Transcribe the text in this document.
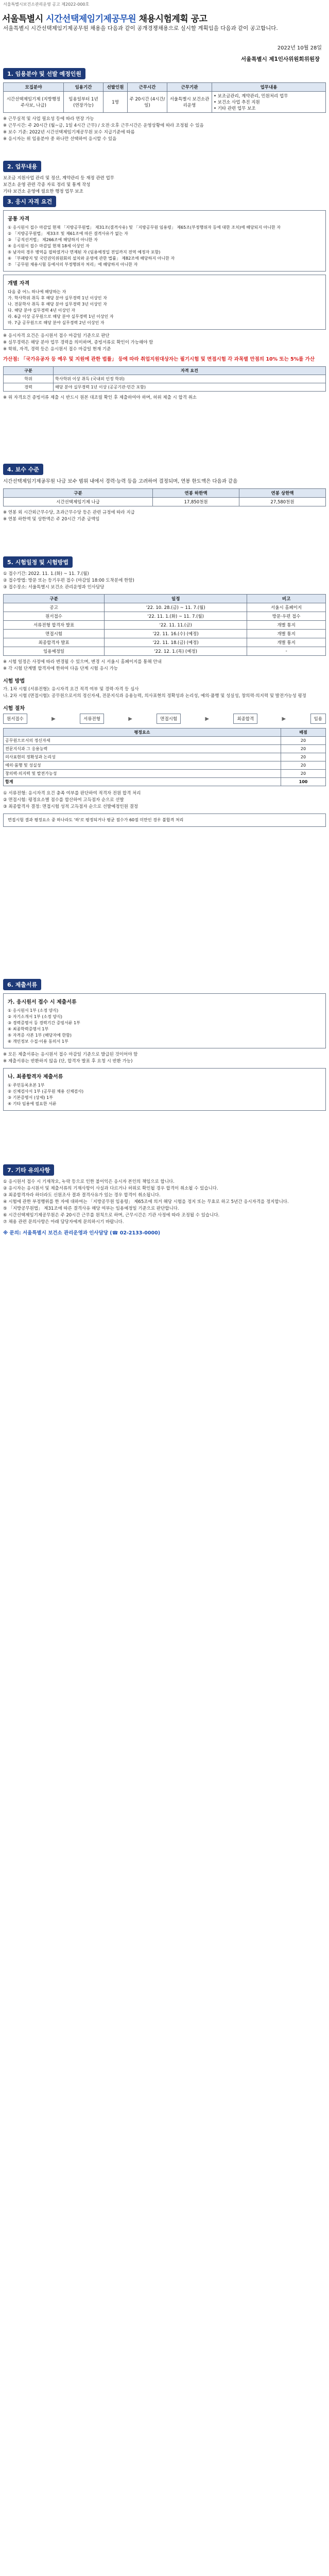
서울특별시보건소관리운영 공고 제2022-000호
서울특별시 시간선택제임기제공무원 채용시험계획 공고
서울특별시 시간선택제임기제공무원 채용을 다음과 같이 공개경쟁채용으로 실시할 계획임을 다음과 같이 공고합니다.
2022년 10월 28일
서울특별시 제1인사위원회위원장
1. 임용분야 및 선발 예정인원
모집분야	임용기간	선발인원	근무시간	근무기관	업무내용
시간선택제임기제 (지방행정주사보, 나급)	임용일부터 1년 (연장가능)	1명	주 20시간 (4시간/일)	서울특별시 보건소관리운영	• 보조금관리, 계약관리, 민원처리 업무
• 보건소 사업 추진 지원
• 기타 관련 업무 보조
※ 근무실적 및 사업 필요성 등에 따라 연장 가능
※ 근무시간: 주 20시간 (월~금, 1일 4시간 근무) / 오전·오후 근무시간은 운영상황에 따라 조정될 수 있음
※ 보수 기준: 2022년 시간선택제임기제공무원 보수 지급기준에 따름
※ 응시자는 위 임용분야 중 하나만 선택하여 응시할 수 있음
2. 업무내용
보조금 지원사업 관리 및 정산, 계약관리 등 재정 관련 업무
보건소 운영 관련 각종 자료 정리 및 통계 작성
기타 보건소 운영에 필요한 행정 업무 보조
3. 응시 자격 요건
공통 자격
① 응시원서 접수 마감일 현재 「지방공무원법」 제31조(결격사유) 및 「지방공무원 임용령」 제65조(부정행위자 등에 대한 조치)에 해당되지 아니한 자
② 「지방공무원법」 제33조 및 제61조에 따른 결격사유가 없는 자
③ 「공직선거법」 제266조에 해당하지 아니한 자
④ 응시원서 접수 마감일 현재 18세 이상인 자
⑤ 남자의 경우 병역을 필하였거나 면제된 자 (임용예정일 전일까지 전역 예정자 포함)
⑥ 「부패방지 및 국민권익위원회의 설치와 운영에 관한 법률」 제82조에 해당하지 아니한 자
⑦ 「공무원 채용시험 등에서의 부정행위자 처리」에 해당하지 아니한 자
개별 자격
다음 중 어느 하나에 해당하는 자
가. 학사학위 취득 후 해당 분야 실무경력 1년 이상인 자
나. 전문학사 취득 후 해당 분야 실무경력 3년 이상인 자
다. 해당 분야 실무경력 4년 이상인 자
라. 6급 이상 공무원으로 해당 분야 실무경력 1년 이상인 자
마. 7급 공무원으로 해당 분야 실무경력 2년 이상인 자
※ 응시자격 요건은 응시원서 접수 마감일 기준으로 판단
※ 실무경력은 해당 분야 업무 경력을 의미하며, 증빙서류로 확인이 가능해야 함
※ 학위, 자격, 경력 등은 응시원서 접수 마감일 현재 기준
가산점: 「국가유공자 등 예우 및 지원에 관한 법률」 등에 따라 취업지원대상자는 필기시험 및 면접시험 각 과목별 만점의 10% 또는 5%를 가산
구분	자격 요건
학위	학사학위 이상 취득 (국내외 인정 학위)
경력	해당 분야 실무경력 1년 이상 (공공기관·민간 포함)
※ 위 자격요건 증빙서류 제출 시 반드시 원본 대조필 확인 후 제출하여야 하며, 허위 제출 시 합격 취소
4. 보수 수준
시간선택제임기제공무원 나급 보수 범위 내에서 경력·능력 등을 고려하여 결정되며, 연봉 한도액은 다음과 같음
구분	연봉 하한액	연봉 상한액
시간선택제임기제 나급	17,850천원	27,580천원
※ 연봉 외 시간외근무수당, 초과근무수당 등은 관련 규정에 따라 지급
※ 연봉 하한액 및 상한액은 주 20시간 기준 금액임
5. 시험일정 및 시험방법
① 접수기간: 2022. 11. 1.(화) ~ 11. 7.(월)
② 접수방법: 방문 또는 등기우편 접수 (마감일 18:00 도착분에 한함)
③ 접수장소: 서울특별시 보건소 관리운영과 인사담당
구분	일정	비고
공고	'22. 10. 28.(금) ~ 11. 7.(월)	서울시 홈페이지
원서접수	'22. 11. 1.(화) ~ 11. 7.(월)	방문·우편 접수
서류전형 합격자 발표	'22. 11. 11.(금)	개별 통지
면접시험	'22. 11. 16.(수) (예정)	개별 통지
최종합격자 발표	'22. 11. 18.(금) (예정)	개별 통지
임용예정일	'22. 12. 1.(목) (예정)	-
※ 시험 일정은 사정에 따라 변경될 수 있으며, 변경 시 서울시 홈페이지를 통해 안내
※ 각 시험 단계별 합격자에 한하여 다음 단계 시험 응시 가능
시험 방법
가. 1차 시험 (서류전형): 응시자격 요건 적격 여부 및 경력·자격 등 심사
나. 2차 시험 (면접시험): 공무원으로서의 정신자세, 전문지식과 응용능력, 의사표현의 정확성과 논리성, 예의·품행 및 성실성, 창의력·의지력 및 발전가능성 평정
시험 절차
원서접수	▶	서류전형	▶	면접시험	▶	최종합격	▶	임용
평정요소	배점
공무원으로서의 정신자세	20
전문지식과 그 응용능력	20
의사표현의 정확성과 논리성	20
예의·품행 및 성실성	20
창의력·의지력 및 발전가능성	20
합계	100
① 서류전형: 응시자격 요건 충족 여부를 판단하여 적격자 전원 합격 처리
② 면접시험: 평정요소별 점수를 합산하여 고득점자 순으로 선발
③ 최종합격자 결정: 면접시험 성적 고득점자 순으로 선발예정인원 결정
면접시험 결과 평정요소 중 하나라도 '하'로 평정되거나 평균 점수가 60점 미만인 경우 불합격 처리
6. 제출서류
가. 응시원서 접수 시 제출서류
① 응시원서 1부 (소정 양식)
② 자기소개서 1부 (소정 양식)
③ 경력증명서 등 경력기간 증빙서류 1부
④ 최종학력증명서 1부
⑤ 자격증 사본 1부 (해당자에 한함)
⑥ 개인정보 수집·이용 동의서 1부
※ 모든 제출서류는 응시원서 접수 마감일 기준으로 발급된 것이어야 함
※ 제출서류는 반환하지 않음 (단, 합격자 발표 후 요청 시 반환 가능)
나. 최종합격자 제출서류
① 주민등록초본 1부
② 신체검사서 1부 (공무원 채용 신체검사)
③ 기본증명서 (상세) 1부
④ 기타 임용에 필요한 서류
7. 기타 유의사항
① 응시원서 접수 시 기재착오, 누락 등으로 인한 불이익은 응시자 본인의 책임으로 합니다.
② 응시자는 응시원서 및 제출서류의 기재사항이 사실과 다르거나 허위로 확인될 경우 합격이 취소될 수 있습니다.
③ 최종합격자라 하더라도 신원조사 결과 결격사유가 있는 경우 합격이 취소됩니다.
④ 시험에 관한 부정행위를 한 자에 대하여는 「지방공무원 임용령」 제65조에 의거 해당 시험을 정지 또는 무효로 하고 5년간 응시자격을 정지합니다.
⑤ 「지방공무원법」 제31조에 따른 결격사유 해당 여부는 임용예정일 기준으로 판단합니다.
⑥ 시간선택제임기제공무원은 주 20시간 근무를 원칙으로 하며, 근무시간은 기관 사정에 따라 조정될 수 있습니다.
⑦ 채용 관련 문의사항은 아래 담당자에게 문의하시기 바랍니다.
※ 문의: 서울특별시 보건소 관리운영과 인사담당 (☎ 02-2133-0000)
